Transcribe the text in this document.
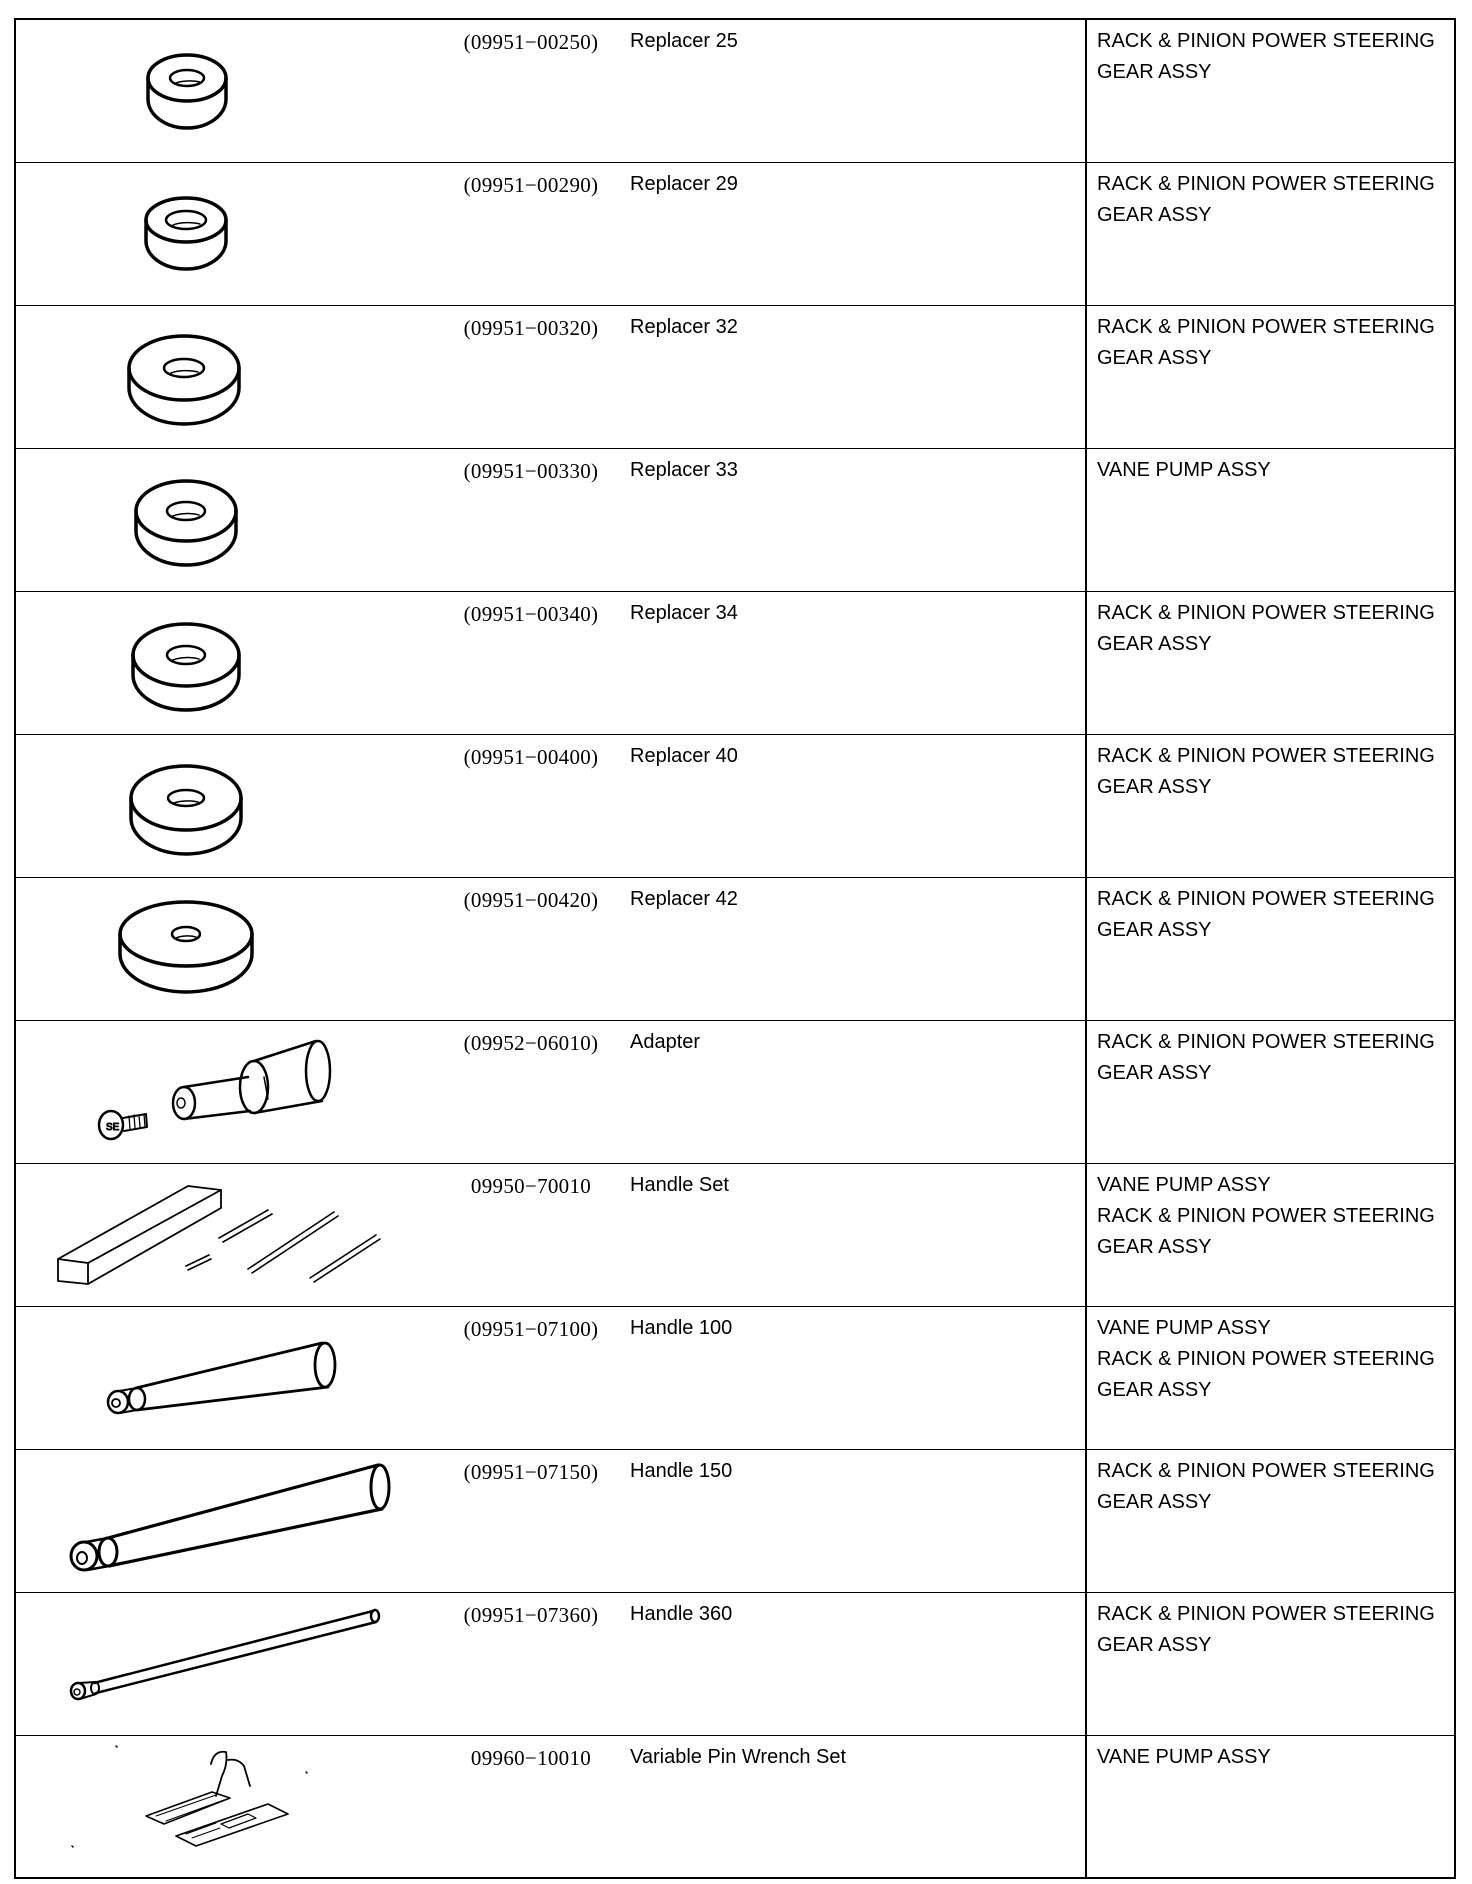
	(09951−00250)	Replacer 25	RACK & PINION POWER STEERING
GEAR ASSY

	(09951−00290)	Replacer 29	RACK & PINION POWER STEERING
GEAR ASSY

	(09951−00320)	Replacer 32	RACK & PINION POWER STEERING
GEAR ASSY

	(09951−00330)	Replacer 33	VANE PUMP ASSY

	(09951−00340)	Replacer 34	RACK & PINION POWER STEERING
GEAR ASSY

	(09951−00400)	Replacer 40	RACK & PINION POWER STEERING
GEAR ASSY

	(09951−00420)	Replacer 42	RACK & PINION POWER STEERING
GEAR ASSY

SE	(09952−06010)	Adapter	RACK & PINION POWER STEERING
GEAR ASSY

	09950−70010	Handle Set	VANE PUMP ASSY
RACK & PINION POWER STEERING
GEAR ASSY

	(09951−07100)	Handle 100	VANE PUMP ASSY
RACK & PINION POWER STEERING
GEAR ASSY

	(09951−07150)	Handle 150	RACK & PINION POWER STEERING
GEAR ASSY

	(09951−07360)	Handle 360	RACK & PINION POWER STEERING
GEAR ASSY

	09960−10010	Variable Pin Wrench Set	VANE PUMP ASSY
